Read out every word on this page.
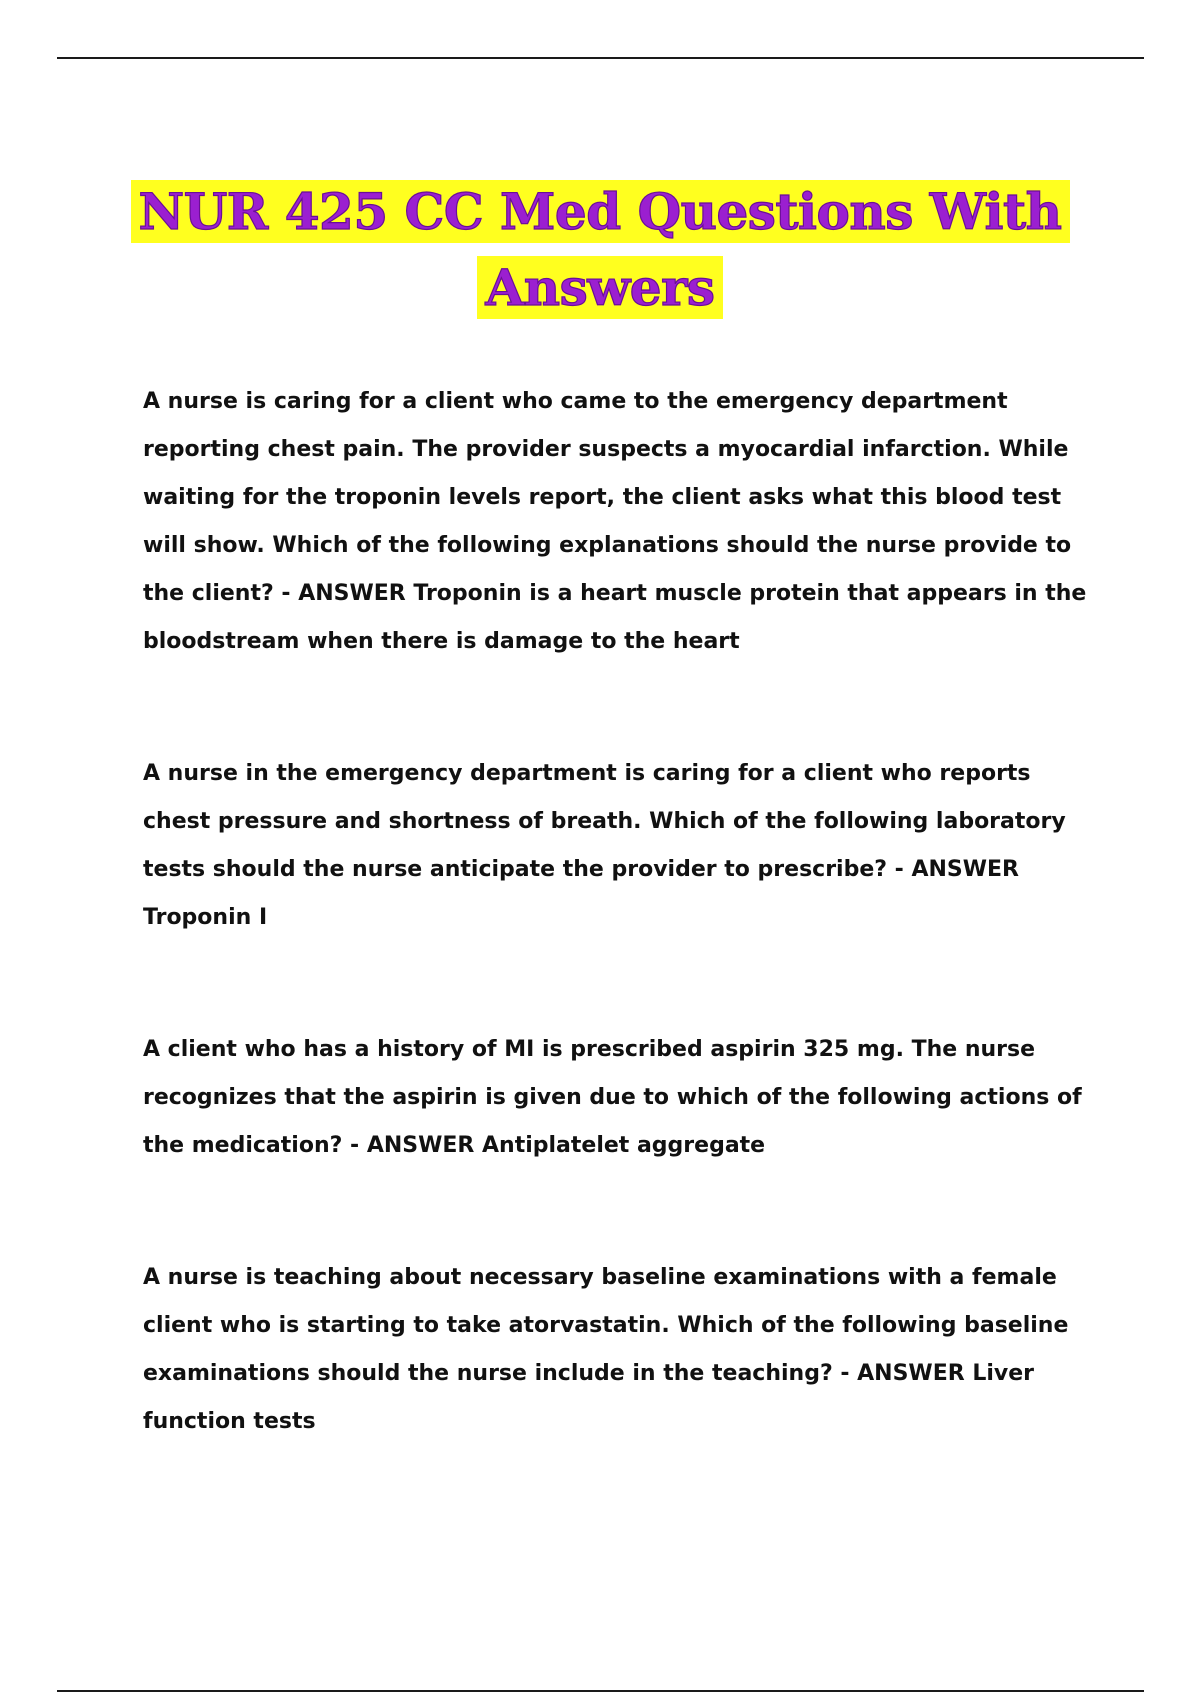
NUR 425 CC Med Questions With
Answers

A nurse is caring for a client who came to the emergency department reporting chest pain. The provider suspects a myocardial infarction. While waiting for the troponin levels report, the client asks what this blood test will show. Which of the following explanations should the nurse provide to the client? - ANSWER Troponin is a heart muscle protein that appears in the bloodstream when there is damage to the heart

A nurse in the emergency department is caring for a client who reports chest pressure and shortness of breath. Which of the following laboratory tests should the nurse anticipate the provider to prescribe? - ANSWER Troponin I

A client who has a history of MI is prescribed aspirin 325 mg. The nurse recognizes that the aspirin is given due to which of the following actions of the medication? - ANSWER Antiplatelet aggregate

A nurse is teaching about necessary baseline examinations with a female client who is starting to take atorvastatin. Which of the following baseline examinations should the nurse include in the teaching? - ANSWER Liver function tests
